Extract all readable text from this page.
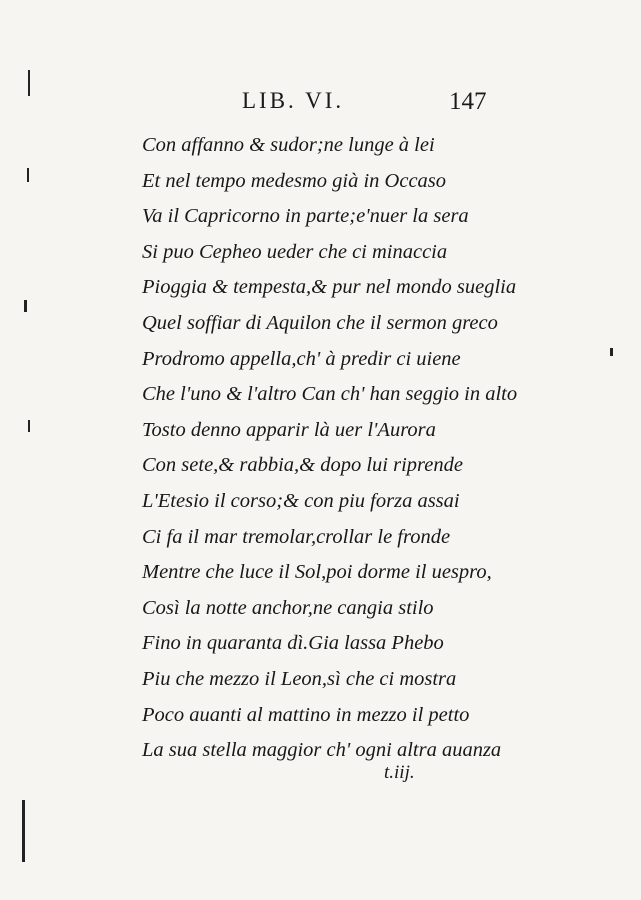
LIB. VI.	147
Con affanno & sudor;ne lunge à lei
Et nel tempo medesmo già in Occaso
Va il Capricorno in parte;e'nuer la sera
Si puo Cepheo ueder che ci minaccia
Pioggia & tempesta,& pur nel mondo sueglia
Quel soffiar di Aquilon che il sermon greco
Prodromo appella,ch' à predir ci uiene
Che l'uno & l'altro Can ch' han seggio in alto
Tosto denno apparir là uer l'Aurora
Con sete,& rabbia,& dopo lui riprende
L'Etesio il corso;& con piu forza assai
Ci fa il mar tremolar,crollar le fronde
Mentre che luce il Sol,poi dorme il uespro,
Così la notte anchor,ne cangia stilo
Fino in quaranta dì.Gia lassa Phebo
Piu che mezzo il Leon,sì che ci mostra
Poco auanti al mattino in mezzo il petto
La sua stella maggior ch' ogni altra auanza
t.iij.
